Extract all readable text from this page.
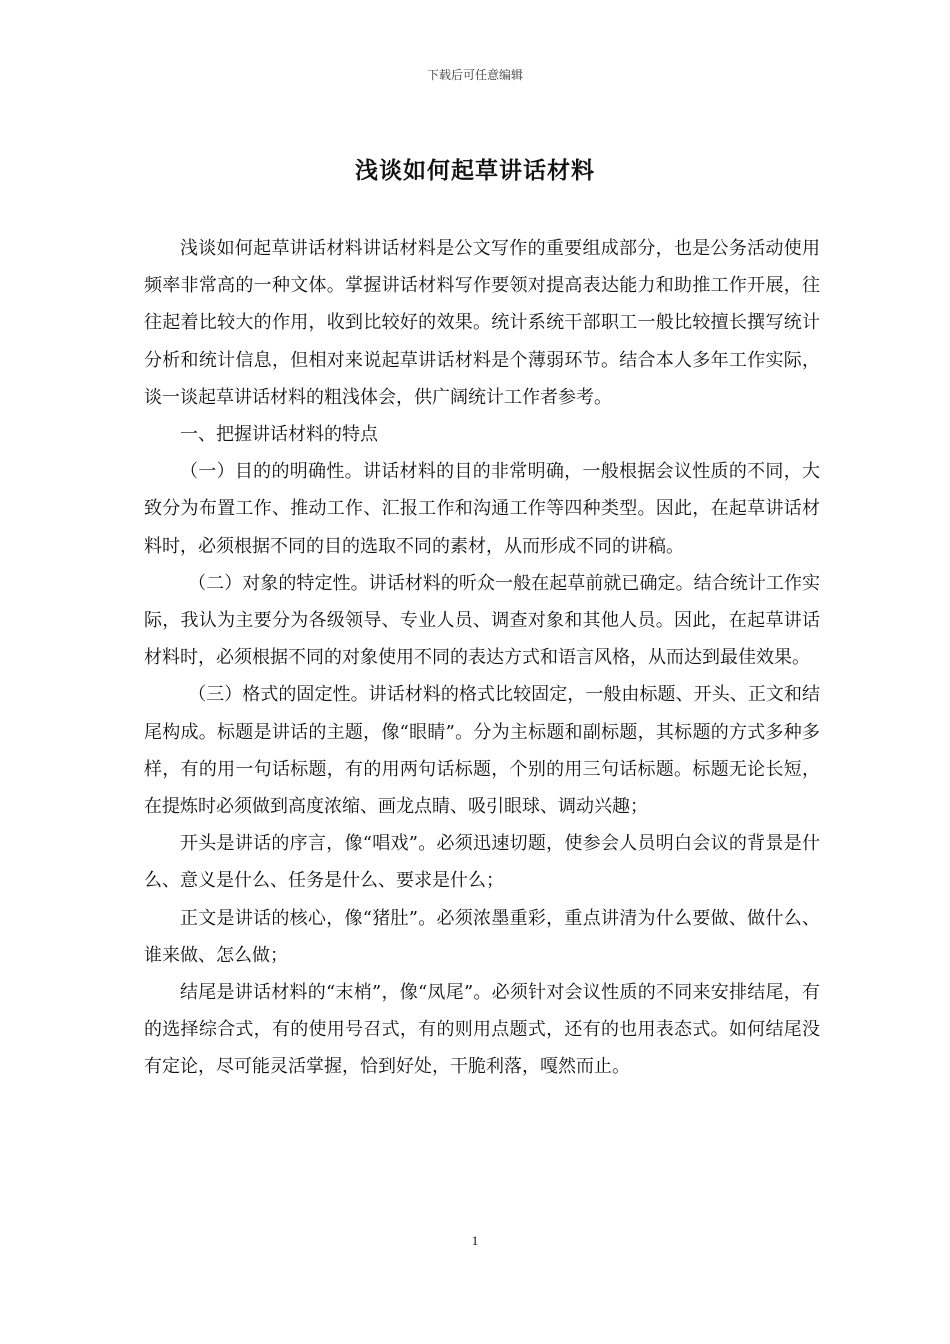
下载后可任意编辑
浅谈如何起草讲话材料

浅谈如何起草讲话材料讲话材料是公文写作的重要组成部分，也是公务活动使用频率非常高的一种文体。掌握讲话材料写作要领对提高表达能力和助推工作开展，往往起着比较大的作用，收到比较好的效果。统计系统干部职工一般比较擅长撰写统计分析和统计信息，但相对来说起草讲话材料是个薄弱环节。结合本人多年工作实际，谈一谈起草讲话材料的粗浅体会，供广阔统计工作者参考。

一、把握讲话材料的特点

（一）目的的明确性。讲话材料的目的非常明确，一般根据会议性质的不同，大致分为布置工作、推动工作、汇报工作和沟通工作等四种类型。因此，在起草讲话材料时，必须根据不同的目的选取不同的素材，从而形成不同的讲稿。

（二）对象的特定性。讲话材料的听众一般在起草前就已确定。结合统计工作实际，我认为主要分为各级领导、专业人员、调查对象和其他人员。因此，在起草讲话材料时，必须根据不同的对象使用不同的表达方式和语言风格，从而达到最佳效果。

（三）格式的固定性。讲话材料的格式比较固定，一般由标题、开头、正文和结尾构成。标题是讲话的主题，像“眼睛”。分为主标题和副标题，其标题的方式多种多样，有的用一句话标题，有的用两句话标题，个别的用三句话标题。标题无论长短，在提炼时必须做到高度浓缩、画龙点睛、吸引眼球、调动兴趣；

开头是讲话的序言，像“唱戏”。必须迅速切题，使参会人员明白会议的背景是什么、意义是什么、任务是什么、要求是什么；

正文是讲话的核心，像“猪肚”。必须浓墨重彩，重点讲清为什么要做、做什么、谁来做、怎么做；

结尾是讲话材料的“末梢”，像“凤尾”。必须针对会议性质的不同来安排结尾，有的选择综合式，有的使用号召式，有的则用点题式，还有的也用表态式。如何结尾没有定论，尽可能灵活掌握，恰到好处，干脆利落，嘎然而止。

1
